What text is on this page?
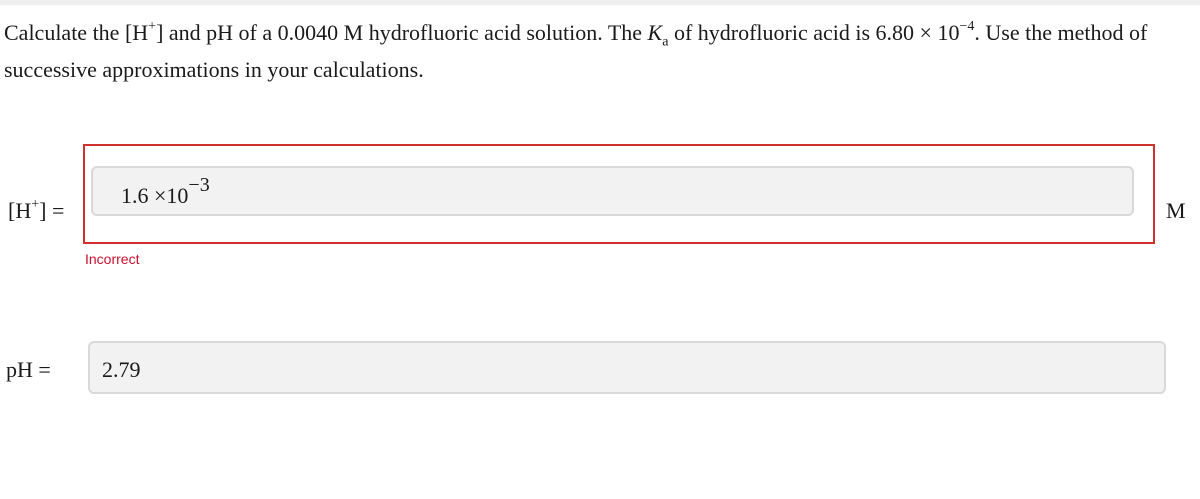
Calculate the [H+] and pH of a 0.0040 M hydrofluoric acid solution. The $K_a$ of hydrofluoric acid is $6.80 \times 10^{-4}$. Use the method of successive approximations in your calculations.
[H+] =
1.6 ×10−3
M
Incorrect
pH = 2.79
